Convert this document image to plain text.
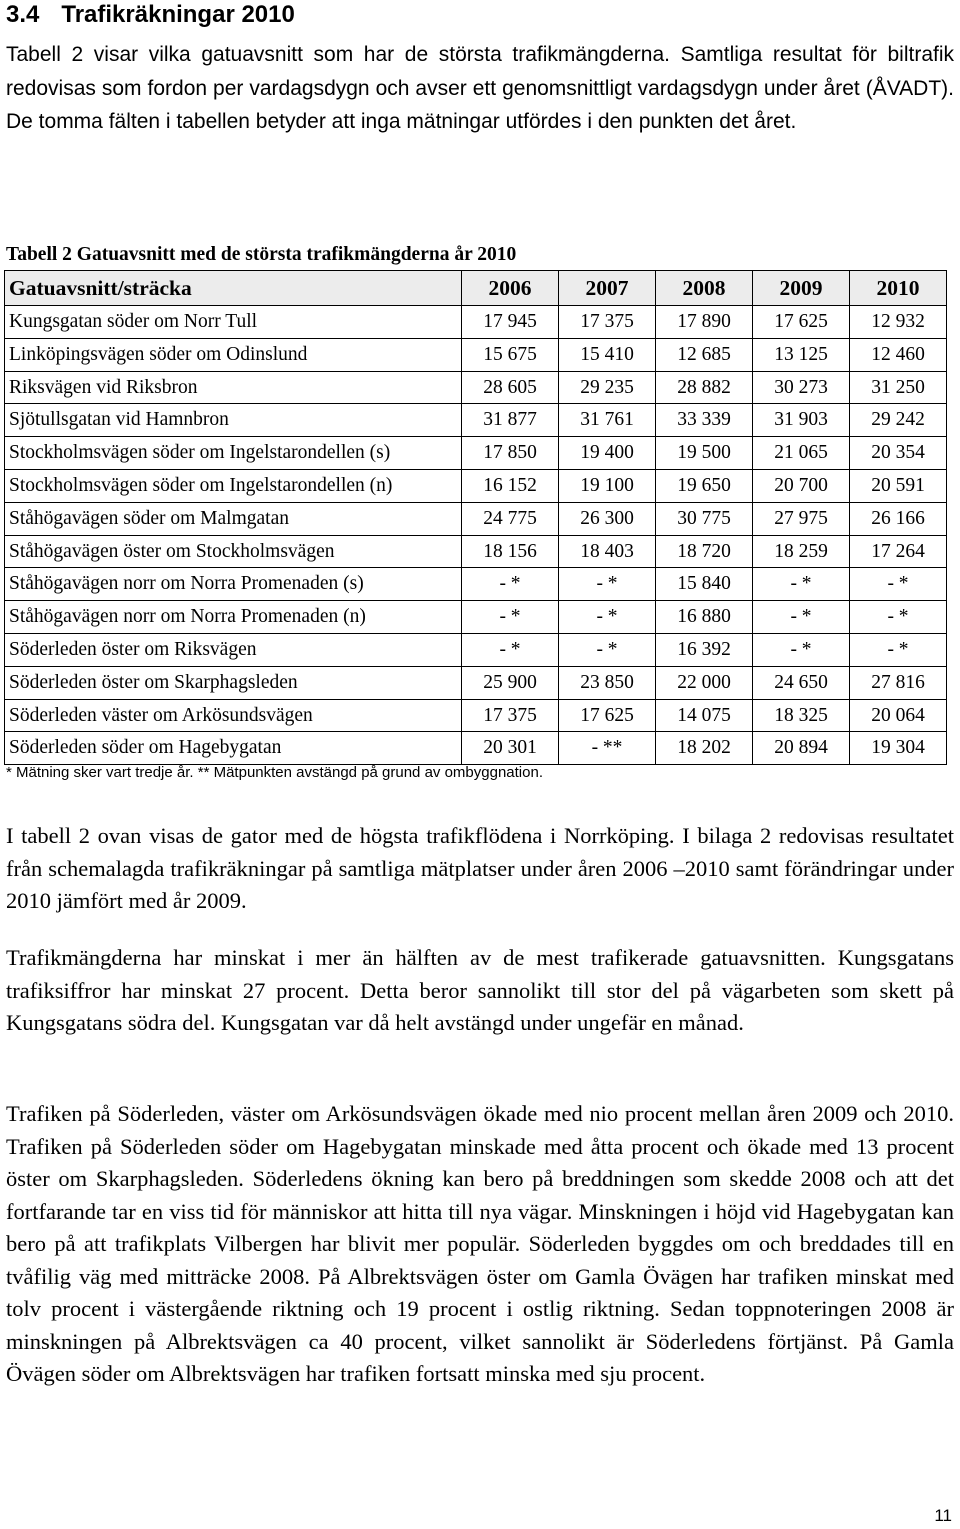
3.4 Trafikräkningar 2010
Tabell 2 visar vilka gatuavsnitt som har de största trafikmängderna. Samtliga resultat för biltrafik redovisas som fordon per vardagsdygn och avser ett genomsnittligt vardagsdygn under året (ÅVADT). De tomma fälten i tabellen betyder att inga mätningar utfördes i den punkten det året.
Tabell 2 Gatuavsnitt med de största trafikmängderna år 2010
Gatuavsnitt/sträcka	2006	2007	2008	2009	2010
Kungsgatan söder om Norr Tull	17 945	17 375	17 890	17 625	12 932
Linköpingsvägen söder om Odinslund	15 675	15 410	12 685	13 125	12 460
Riksvägen vid Riksbron	28 605	29 235	28 882	30 273	31 250
Sjötullsgatan vid Hamnbron	31 877	31 761	33 339	31 903	29 242
Stockholmsvägen söder om Ingelstarondellen (s)	17 850	19 400	19 500	21 065	20 354
Stockholmsvägen söder om Ingelstarondellen (n)	16 152	19 100	19 650	20 700	20 591
Ståhögavägen söder om Malmgatan	24 775	26 300	30 775	27 975	26 166
Ståhögavägen öster om Stockholmsvägen	18 156	18 403	18 720	18 259	17 264
Ståhögavägen norr om Norra Promenaden (s)	- *	- *	15 840	- *	- *
Ståhögavägen norr om Norra Promenaden (n)	- *	- *	16 880	- *	- *
Söderleden öster om Riksvägen	- *	- *	16 392	- *	- *
Söderleden öster om Skarphagsleden	25 900	23 850	22 000	24 650	27 816
Söderleden väster om Arkösundsvägen	17 375	17 625	14 075	18 325	20 064
Söderleden söder om Hagebygatan	20 301	- **	18 202	20 894	19 304
* Mätning sker vart tredje år. ** Mätpunkten avstängd på grund av ombyggnation.
I tabell 2 ovan visas de gator med de högsta trafikflödena i Norrköping. I bilaga 2 redovisas resultatet från schemalagda trafikräkningar på samtliga mätplatser under åren 2006 –2010 samt förändringar under 2010 jämfört med år 2009.
Trafikmängderna har minskat i mer än hälften av de mest trafikerade gatuavsnitten. Kungsgatans trafiksiffror har minskat 27 procent. Detta beror sannolikt till stor del på vägarbeten som skett på Kungsgatans södra del. Kungsgatan var då helt avstängd under ungefär en månad.
Trafiken på Söderleden, väster om Arkösundsvägen ökade med nio procent mellan åren 2009 och 2010. Trafiken på Söderleden söder om Hagebygatan minskade med åtta procent och ökade med 13 procent öster om Skarphagsleden. Söderledens ökning kan bero på breddningen som skedde 2008 och att det fortfarande tar en viss tid för människor att hitta till nya vägar. Minskningen i höjd vid Hagebygatan kan bero på att trafikplats Vilbergen har blivit mer populär. Söderleden byggdes om och breddades till en tvåfilig väg med mitträcke 2008. På Albrektsvägen öster om Gamla Övägen har trafiken minskat med tolv procent i västergående riktning och 19 procent i ostlig riktning. Sedan toppnoteringen 2008 är minskningen på Albrektsvägen ca 40 procent, vilket sannolikt är Söderledens förtjänst. På Gamla Övägen söder om Albrektsvägen har trafiken fortsatt minska med sju procent.
11
